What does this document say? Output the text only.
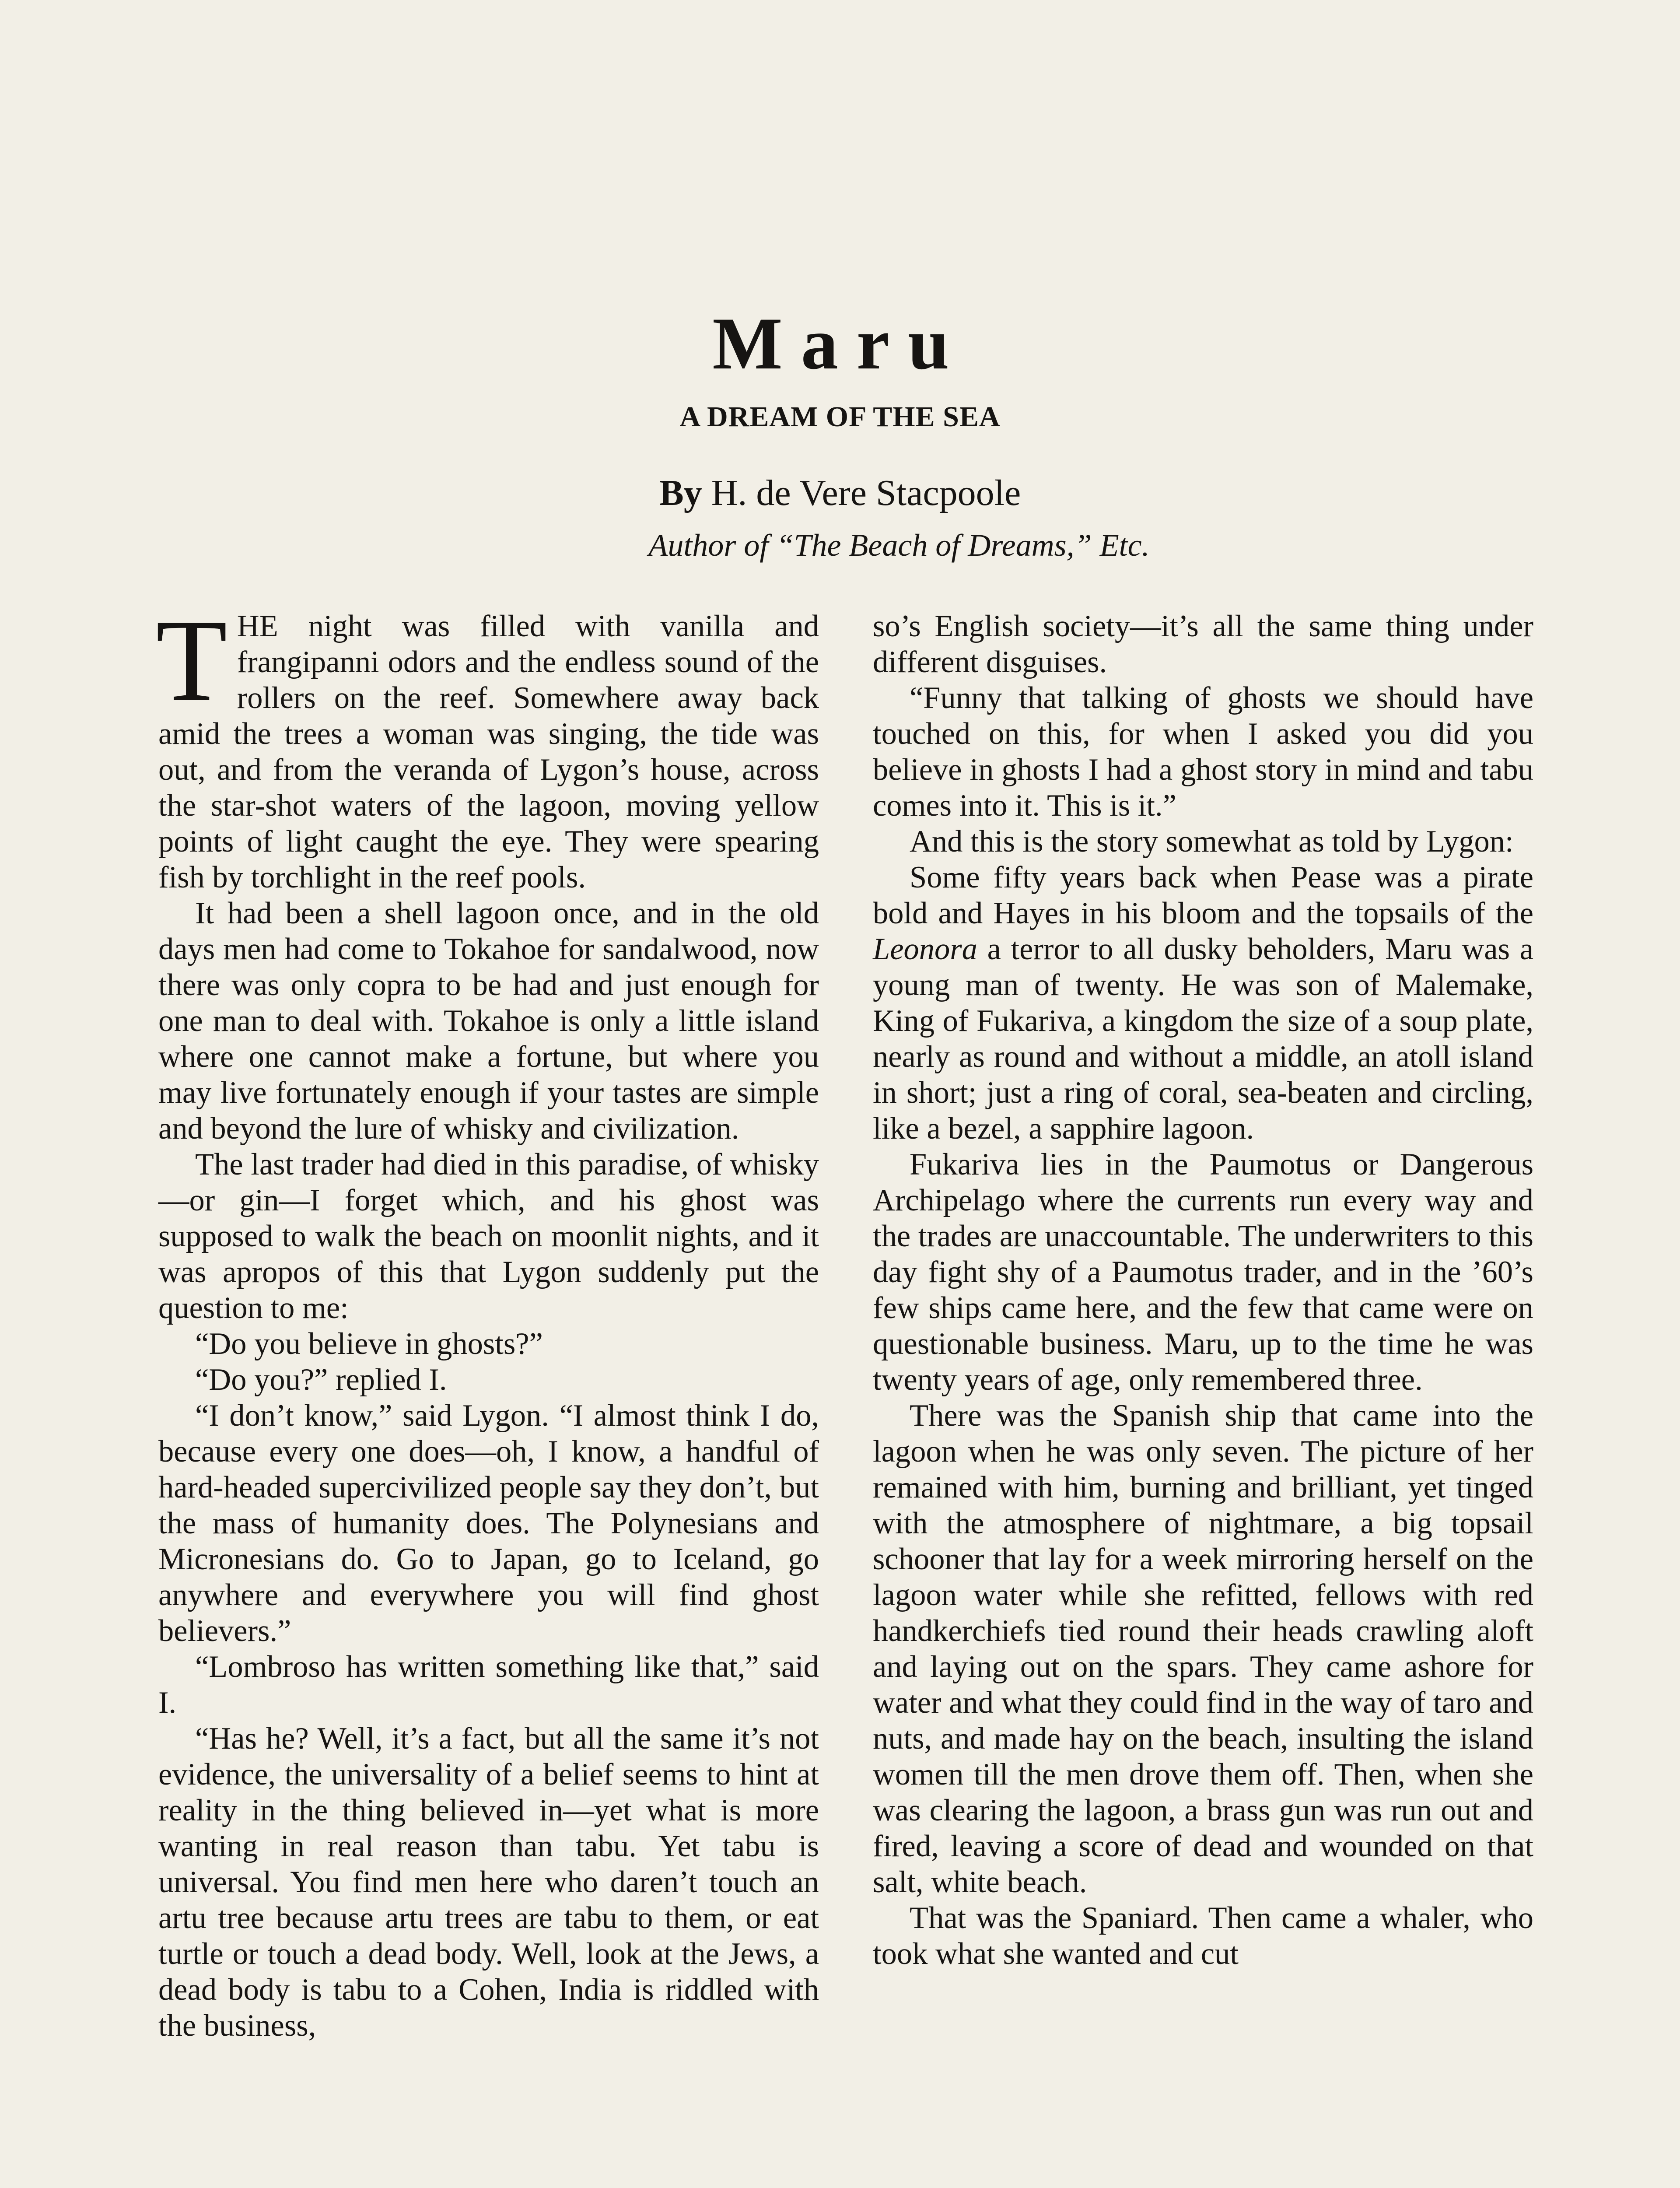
Maru
A DREAM OF THE SEA
By H. de Vere Stacpoole
Author of “The Beach of Dreams,” Etc.

THE night was filled with vanilla and frangipanni odors and the endless sound of the rollers on the reef. Somewhere away back amid the trees a woman was singing, the tide was out, and from the veranda of Lygon’s house, across the star-shot waters of the lagoon, moving yellow points of light caught the eye. They were spearing fish by torchlight in the reef pools.

It had been a shell lagoon once, and in the old days men had come to Tokahoe for sandalwood, now there was only copra to be had and just enough for one man to deal with. Tokahoe is only a little island where one cannot make a fortune, but where you may live fortunately enough if your tastes are simple and beyond the lure of whisky and civilization.

The last trader had died in this paradise, of whisky—or gin—I forget which, and his ghost was supposed to walk the beach on moonlit nights, and it was apropos of this that Lygon suddenly put the question to me:

“Do you believe in ghosts?”

“Do you?” replied I.

“I don’t know,” said Lygon. “I almost think I do, because every one does—oh, I know, a handful of hard-headed supercivilized people say they don’t, but the mass of humanity does. The Polynesians and Micronesians do. Go to Japan, go to Iceland, go anywhere and everywhere you will find ghost believers.”

“Lombroso has written something like that,” said I.

“Has he? Well, it’s a fact, but all the same it’s not evidence, the universality of a belief seems to hint at reality in the thing believed in—yet what is more wanting in real reason than tabu. Yet tabu is universal. You find men here who daren’t touch an artu tree because artu trees are tabu to them, or eat turtle or touch a dead body. Well, look at the Jews, a dead body is tabu to a Cohen, India is riddled with the business,

so’s English society—it’s all the same thing under different disguises.

“Funny that talking of ghosts we should have touched on this, for when I asked you did you believe in ghosts I had a ghost story in mind and tabu comes into it. This is it.”

And this is the story somewhat as told by Lygon:

Some fifty years back when Pease was a pirate bold and Hayes in his bloom and the topsails of the Leonora a terror to all dusky beholders, Maru was a young man of twenty. He was son of Malemake, King of Fukariva, a kingdom the size of a soup plate, nearly as round and without a middle, an atoll island in short; just a ring of coral, sea-beaten and circling, like a bezel, a sapphire lagoon.

Fukariva lies in the Paumotus or Dangerous Archipelago where the currents run every way and the trades are unaccountable. The underwriters to this day fight shy of a Paumotus trader, and in the ’60’s few ships came here, and the few that came were on questionable business. Maru, up to the time he was twenty years of age, only remembered three.

There was the Spanish ship that came into the lagoon when he was only seven. The picture of her remained with him, burning and brilliant, yet tinged with the atmosphere of nightmare, a big topsail schooner that lay for a week mirroring herself on the lagoon water while she refitted, fellows with red handkerchiefs tied round their heads crawling aloft and laying out on the spars. They came ashore for water and what they could find in the way of taro and nuts, and made hay on the beach, insulting the island women till the men drove them off. Then, when she was clearing the lagoon, a brass gun was run out and fired, leaving a score of dead and wounded on that salt, white beach.

That was the Spaniard. Then came a whaler, who took what she wanted and cut
